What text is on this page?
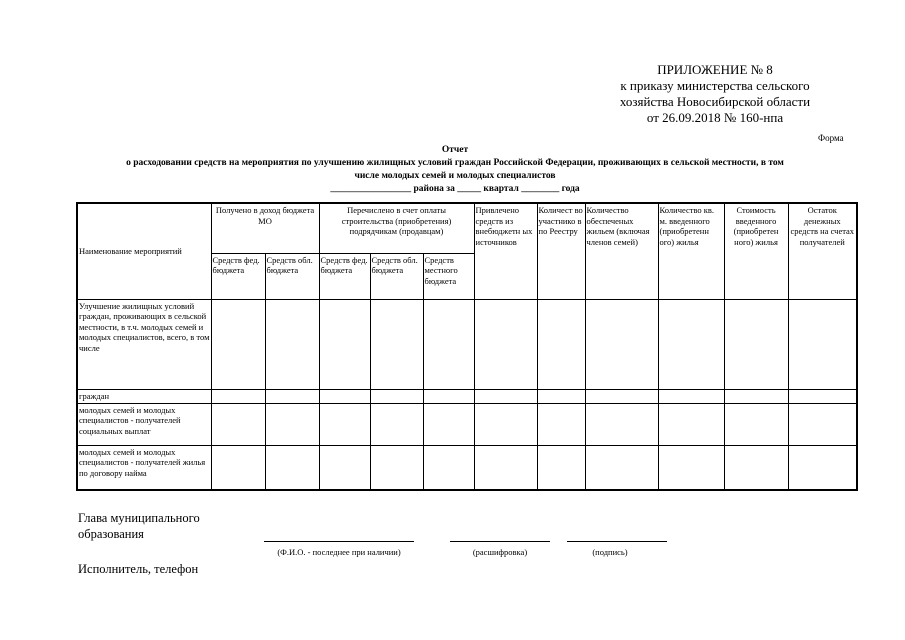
ПРИЛОЖЕНИЕ № 8
к приказу министерства сельского
хозяйства Новосибирской области
от 26.09.2018 № 160-нпа
Форма
Отчет
о расходовании средств на мероприятия по улучшению жилищных условий граждан Российской Федерации, проживающих в сельской местности, в том
числе молодых семей и молодых специалистов
_________________ района за _____ квартал ________ года
Наименование мероприятий	Получено в доход бюджета МО		Перечислено в счет оплаты строительства (приобретения) подрядчикам (продавцам)			Привлечено средств из внебюджетн ых источников	Количест во участнико в по Реестру	Количество обеспеченых жильем (включая членов семей)	Количество кв. м. введенного (приобретенн ого) жилья	Стоимость введенного (приобретен ного) жилья	Остаток денежных средств на счетах получателей
	Средств фед. бюджета	Средств обл. бюджета	Средств фед. бюджета	Средств обл. бюджета	Средств местного бюджета						
Улучшение жилищных условий граждан, проживающих в сельской местности, в т.ч. молодых семей и молодых специалистов, всего, в том числе											
граждан											
молодых семей и молодых специалистов - получателей социальных выплат											
молодых семей и молодых специалистов - получателей жилья по договору найма											
Глава муниципального
образования
(Ф.И.О. - последнее при наличии)	(расшифровка)	(подпись)
Исполнитель, телефон
